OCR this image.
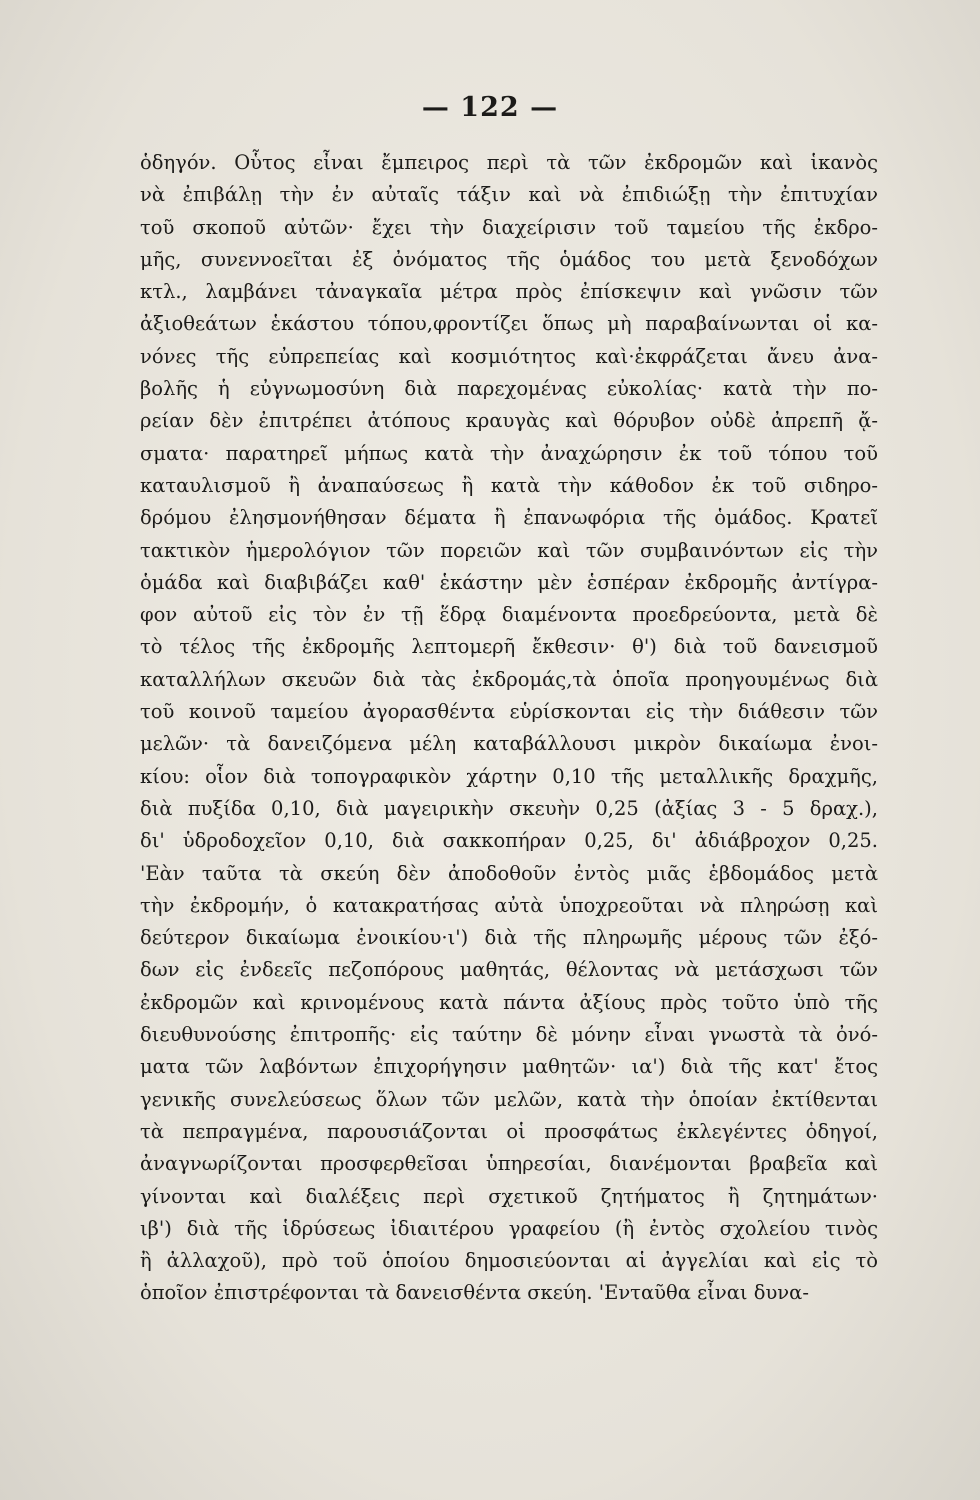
— 122 —
ὁδηγόν. Οὗτος εἶναι ἔμπειρος περὶ τὰ τῶν ἐκδρομῶν καὶ ἱκανὸς
νὰ ἐπιβάλῃ τὴν ἐν αὐταῖς τάξιν καὶ νὰ ἐπιδιώξῃ τὴν ἐπιτυχίαν
τοῦ σκοποῦ αὐτῶν· ἔχει τὴν διαχείρισιν τοῦ ταμείου τῆς ἐκδρο-
μῆς, συνεννοεῖται ἐξ ὀνόματος τῆς ὁμάδος του μετὰ ξενοδόχων
κτλ., λαμβάνει τἀναγκαῖα μέτρα πρὸς ἐπίσκεψιν καὶ γνῶσιν τῶν
ἀξιοθεάτων ἑκάστου τόπου,φροντίζει ὅπως μὴ παραβαίνωνται οἱ κα-
νόνες τῆς εὐπρεπείας καὶ κοσμιότητος καὶ·ἐκφράζεται ἄνευ ἀνα-
βολῆς ἡ εὐγνωμοσύνη διὰ παρεχομένας εὐκολίας· κατὰ τὴν πο-
ρείαν δὲν ἐπιτρέπει ἀτόπους κραυγὰς καὶ θόρυβον οὐδὲ ἀπρεπῆ ᾄ-
σματα· παρατηρεῖ μήπως κατὰ τὴν ἀναχώρησιν ἐκ τοῦ τόπου τοῦ
καταυλισμοῦ ἢ ἀναπαύσεως ἢ κατὰ τὴν κάθοδον ἐκ τοῦ σιδηρο-
δρόμου ἐλησμονήθησαν δέματα ἢ ἐπανωφόρια τῆς ὁμάδος. Κρατεῖ
τακτικὸν ἡμερολόγιον τῶν πορειῶν καὶ τῶν συμβαινόντων εἰς τὴν
ὁμάδα καὶ διαβιβάζει καθ' ἑκάστην μὲν ἑσπέραν ἐκδρομῆς ἀντίγρα-
φον αὐτοῦ εἰς τὸν ἐν τῇ ἕδρᾳ διαμένοντα προεδρεύοντα, μετὰ δὲ
τὸ τέλος τῆς ἐκδρομῆς λεπτομερῆ ἔκθεσιν· θ') διὰ τοῦ δανεισμοῦ
καταλλήλων σκευῶν διὰ τὰς ἐκδρομάς,τὰ ὁποῖα προηγουμένως διὰ
τοῦ κοινοῦ ταμείου ἀγορασθέντα εὑρίσκονται εἰς τὴν διάθεσιν τῶν
μελῶν· τὰ δανειζόμενα μέλη καταβάλλουσι μικρὸν δικαίωμα ἐνοι-
κίου: οἷον διὰ τοπογραφικὸν χάρτην 0,10 τῆς μεταλλικῆς δραχμῆς,
διὰ πυξίδα 0,10, διὰ μαγειρικὴν σκευὴν 0,25 (ἀξίας 3 - 5 δραχ.),
δι' ὑδροδοχεῖον 0,10, διὰ σακκοπήραν 0,25, δι' ἀδιάβροχον 0,25.
'Εὰν ταῦτα τὰ σκεύη δὲν ἀποδοθοῦν ἐντὸς μιᾶς ἑβδομάδος μετὰ
τὴν ἐκδρομήν, ὁ κατακρατήσας αὐτὰ ὑποχρεοῦται νὰ πληρώσῃ καὶ
δεύτερον δικαίωμα ἐνοικίου·ι') διὰ τῆς πληρωμῆς μέρους τῶν ἐξό-
δων εἰς ἐνδεεῖς πεζοπόρους μαθητάς, θέλοντας νὰ μετάσχωσι τῶν
ἐκδρομῶν καὶ κρινομένους κατὰ πάντα ἀξίους πρὸς τοῦτο ὑπὸ τῆς
διευθυνούσης ἐπιτροπῆς· εἰς ταύτην δὲ μόνην εἶναι γνωστὰ τὰ ὀνό-
ματα τῶν λαβόντων ἐπιχορήγησιν μαθητῶν· ια') διὰ τῆς κατ' ἔτος
γενικῆς συνελεύσεως ὅλων τῶν μελῶν, κατὰ τὴν ὁποίαν ἐκτίθενται
τὰ πεπραγμένα, παρουσιάζονται οἱ προσφάτως ἐκλεγέντες ὁδηγοί,
ἀναγνωρίζονται προσφερθεῖσαι ὑπηρεσίαι, διανέμονται βραβεῖα καὶ
γίνονται καὶ διαλέξεις περὶ σχετικοῦ ζητήματος ἢ ζητημάτων·
ιβ') διὰ τῆς ἱδρύσεως ἰδιαιτέρου γραφείου (ἢ ἐντὸς σχολείου τινὸς
ἢ ἀλλαχοῦ), πρὸ τοῦ ὁποίου δημοσιεύονται αἱ ἀγγελίαι καὶ εἰς τὸ
ὁποῖον ἐπιστρέφονται τὰ δανεισθέντα σκεύη. 'Ενταῦθα εἶναι δυνα-
